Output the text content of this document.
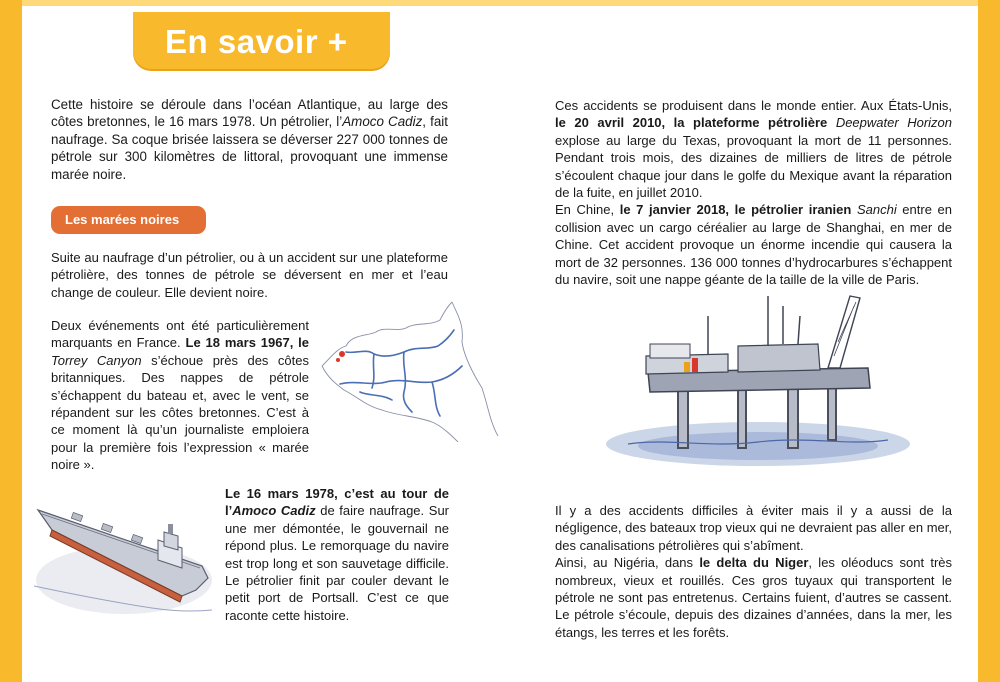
En savoir +

Cette histoire se déroule dans l’océan Atlantique, au large des côtes bretonnes, le 16 mars 1978. Un pétrolier, l’Amoco Cadiz, fait naufrage. Sa coque brisée laissera se déverser 227 000 tonnes de pétrole sur 300 kilomètres de littoral, provoquant une immense marée noire.

Les marées noires

Suite au naufrage d’un pétrolier, ou à un accident sur une plateforme pétrolière, des tonnes de pétrole se déversent en mer et l’eau change de couleur. Elle devient noire.

Deux événements ont été particulièrement marquants en France. Le 18 mars 1967, le Torrey Canyon s’échoue près des côtes britanniques. Des nappes de pétrole s’échappent du bateau et, avec le vent, se répandent sur les côtes bretonnes. C’est à ce moment là qu’un journaliste emploiera pour la première fois l’expression « marée noire ».

Le 16 mars 1978, c’est au tour de l’Amoco Cadiz de faire naufrage. Sur une mer démontée, le gouvernail ne répond plus. Le remorquage du navire est trop long et son sauvetage difficile. Le pétrolier finit par couler devant le petit port de Portsall. C’est ce que raconte cette histoire.

Ces accidents se produisent dans le monde entier. Aux États-Unis, le 20 avril 2010, la plateforme pétrolière Deepwater Horizon explose au large du Texas, provoquant la mort de 11 personnes. Pendant trois mois, des dizaines de milliers de litres de pétrole s’écoulent chaque jour dans le golfe du Mexique avant la réparation de la fuite, en juillet 2010.
En Chine, le 7 janvier 2018, le pétrolier iranien Sanchi entre en collision avec un cargo céréalier au large de Shanghai, en mer de Chine. Cet accident provoque un énorme incendie qui causera la mort de 32 personnes. 136 000 tonnes d’hydrocarbures s’échappent du navire, soit une nappe géante de la taille de la ville de Paris.

Il y a des accidents difficiles à éviter mais il y a aussi de la négligence, des bateaux trop vieux qui ne devraient pas aller en mer, des canalisations pétrolières qui s’abîment.
Ainsi, au Nigéria, dans le delta du Niger, les oléoducs sont très nombreux, vieux et rouillés. Ces gros tuyaux qui transportent le pétrole ne sont pas entretenus. Certains fuient, d’autres se cassent. Le pétrole s’écoule, depuis des dizaines d’années, dans la mer, les étangs, les terres et les forêts.
